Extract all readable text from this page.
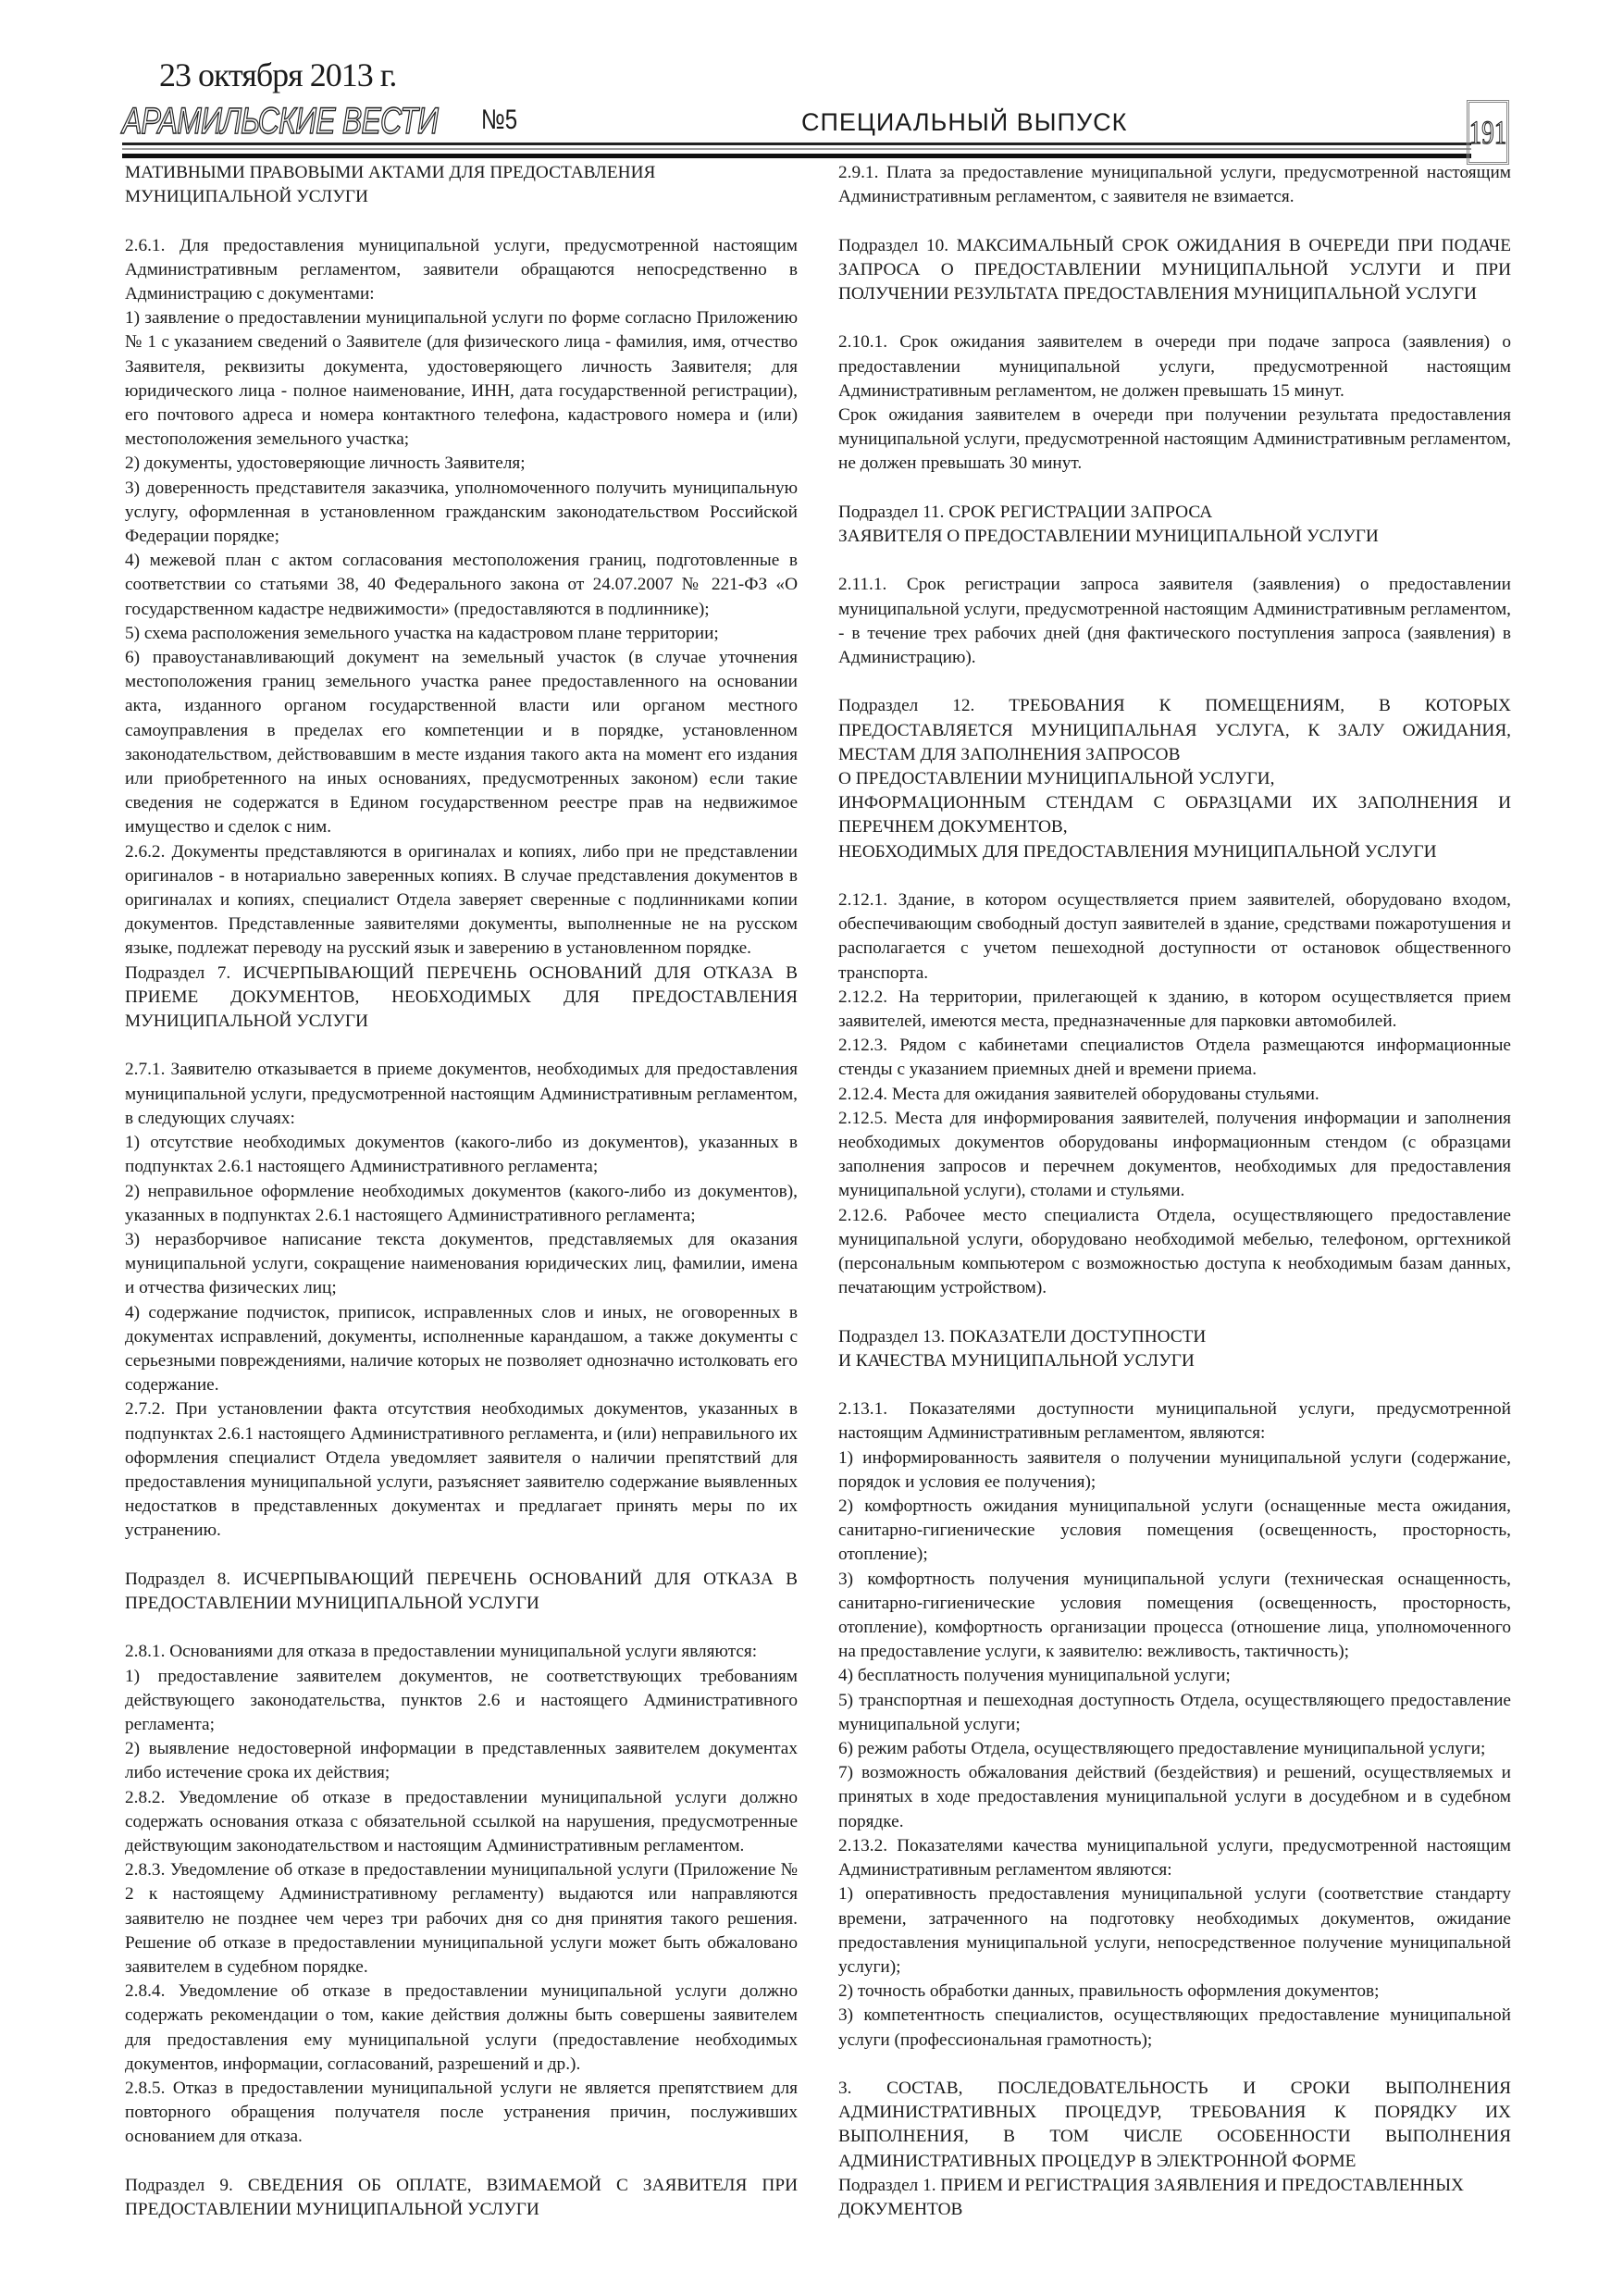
23 октября 2013 г.
АРАМИЛЬСКИЕ ВЕСТИ №5	СПЕЦИАЛЬНЫЙ ВЫПУСК	191

МАТИВНЫМИ ПРАВОВЫМИ АКТАМИ ДЛЯ ПРЕДОСТАВЛЕНИЯ МУНИЦИПАЛЬНОЙ УСЛУГИ

2.6.1. Для предоставления муниципальной услуги, предусмотренной настоящим Административным регламентом, заявители обращаются непосредственно в Администрацию с документами:

1) заявление о предоставлении муниципальной услуги по форме согласно Приложению № 1 с указанием сведений о Заявителе (для физического лица - фамилия, имя, отчество Заявителя, реквизиты документа, удостоверяющего личность Заявителя; для юридического лица - полное наименование, ИНН, дата государственной регистрации), его почтового адреса и номера контактного телефона, кадастрового номера и (или) местоположения земельного участка;

2) документы, удостоверяющие личность Заявителя;

3) доверенность представителя заказчика, уполномоченного получить муниципальную услугу, оформленная в установленном гражданским законодательством Российской Федерации порядке;

4) межевой план с актом согласования местоположения границ, подготовленные в соответствии со статьями 38, 40 Федерального закона от 24.07.2007 № 221-ФЗ «О государственном кадастре недвижимости» (предоставляются в подлиннике);

5) схема расположения земельного участка на кадастровом плане территории;

6) правоустанавливающий документ на земельный участок (в случае уточнения местоположения границ земельного участка ранее предоставленного на основании акта, изданного органом государственной власти или органом местного самоуправления в пределах его компетенции и в порядке, установленном законодательством, действовавшим в месте издания такого акта на момент его издания или приобретенного на иных основаниях, предусмотренных законом) если такие сведения не содержатся в Едином государственном реестре прав на недвижимое имущество и сделок с ним.

2.6.2. Документы представляются в оригиналах и копиях, либо при не представлении оригиналов - в нотариально заверенных копиях. В случае представления документов в оригиналах и копиях, специалист Отдела заверяет сверенные с подлинниками копии документов. Представленные заявителями документы, выполненные не на русском языке, подлежат переводу на русский язык и заверению в установленном порядке.

Подраздел 7. ИСЧЕРПЫВАЮЩИЙ ПЕРЕЧЕНЬ ОСНОВАНИЙ ДЛЯ ОТКАЗА В ПРИЕМЕ ДОКУМЕНТОВ, НЕОБХОДИМЫХ ДЛЯ ПРЕДОСТАВЛЕНИЯ МУНИЦИПАЛЬНОЙ УСЛУГИ

2.7.1. Заявителю отказывается в приеме документов, необходимых для предоставления муниципальной услуги, предусмотренной настоящим Административным регламентом, в следующих случаях:

1) отсутствие необходимых документов (какого-либо из документов), указанных в подпунктах 2.6.1 настоящего Административного регламента;

2) неправильное оформление необходимых документов (какого-либо из документов), указанных в подпунктах 2.6.1 настоящего Административного регламента;

3) неразборчивое написание текста документов, представляемых для оказания муниципальной услуги, сокращение наименования юридических лиц, фамилии, имена и отчества физических лиц;

4) содержание подчисток, приписок, исправленных слов и иных, не оговоренных в документах исправлений, документы, исполненные карандашом, а также документы с серьезными повреждениями, наличие которых не позволяет однозначно истолковать его содержание.

2.7.2. При установлении факта отсутствия необходимых документов, указанных в подпунктах 2.6.1 настоящего Административного регламента, и (или) неправильного их оформления специалист Отдела уведомляет заявителя о наличии препятствий для предоставления муниципальной услуги, разъясняет заявителю содержание выявленных недостатков в представленных документах и предлагает принять меры по их устранению.

Подраздел 8. ИСЧЕРПЫВАЮЩИЙ ПЕРЕЧЕНЬ ОСНОВАНИЙ ДЛЯ ОТКАЗА В ПРЕДОСТАВЛЕНИИ МУНИЦИПАЛЬНОЙ УСЛУГИ

2.8.1. Основаниями для отказа в предоставлении муниципальной услуги являются:

1) предоставление заявителем документов, не соответствующих требованиям действующего законодательства, пунктов 2.6 и настоящего Административного регламента;

2) выявление недостоверной информации в представленных заявителем документах либо истечение срока их действия;

2.8.2. Уведомление об отказе в предоставлении муниципальной услуги должно содержать основания отказа с обязательной ссылкой на нарушения, предусмотренные действующим законодательством и настоящим Административным регламентом.

2.8.3. Уведомление об отказе в предоставлении муниципальной услуги (Приложение № 2 к настоящему Административному регламенту) выдаются или направляются заявителю не позднее чем через три рабочих дня со дня принятия такого решения. Решение об отказе в предоставлении муниципальной услуги может быть обжаловано заявителем в судебном порядке.

2.8.4. Уведомление об отказе в предоставлении муниципальной услуги должно содержать рекомендации о том, какие действия должны быть совершены заявителем для предоставления ему муниципальной услуги (предоставление необходимых документов, информации, согласований, разрешений и др.).

2.8.5. Отказ в предоставлении муниципальной услуги не является препятствием для повторного обращения получателя после устранения причин, послуживших основанием для отказа.

Подраздел 9. СВЕДЕНИЯ ОБ ОПЛАТЕ, ВЗИМАЕМОЙ С ЗАЯВИТЕЛЯ ПРИ ПРЕДОСТАВЛЕНИИ МУНИЦИПАЛЬНОЙ УСЛУГИ

2.9.1. Плата за предоставление муниципальной услуги, предусмотренной настоящим Административным регламентом, с заявителя не взимается.

Подраздел 10. МАКСИМАЛЬНЫЙ СРОК ОЖИДАНИЯ В ОЧЕРЕДИ ПРИ ПОДАЧЕ ЗАПРОСА О ПРЕДОСТАВЛЕНИИ МУНИЦИПАЛЬНОЙ УСЛУГИ И ПРИ ПОЛУЧЕНИИ РЕЗУЛЬТАТА ПРЕДОСТАВЛЕНИЯ МУНИЦИПАЛЬНОЙ УСЛУГИ

2.10.1. Срок ожидания заявителем в очереди при подаче запроса (заявления) о предоставлении муниципальной услуги, предусмотренной настоящим Административным регламентом, не должен превышать 15 минут.

Срок ожидания заявителем в очереди при получении результата предоставления муниципальной услуги, предусмотренной настоящим Административным регламентом, не должен превышать 30 минут.

Подраздел 11. СРОК РЕГИСТРАЦИИ ЗАПРОСА

ЗАЯВИТЕЛЯ О ПРЕДОСТАВЛЕНИИ МУНИЦИПАЛЬНОЙ УСЛУГИ

2.11.1. Срок регистрации запроса заявителя (заявления) о предоставлении муниципальной услуги, предусмотренной настоящим Административным регламентом, - в течение трех рабочих дней (дня фактического поступления запроса (заявления) в Администрацию).

Подраздел 12. ТРЕБОВАНИЯ К ПОМЕЩЕНИЯМ, В КОТОРЫХ ПРЕДОСТАВЛЯЕТСЯ МУНИЦИПАЛЬНАЯ УСЛУГА, К ЗАЛУ ОЖИДАНИЯ, МЕСТАМ ДЛЯ ЗАПОЛНЕНИЯ ЗАПРОСОВ

О ПРЕДОСТАВЛЕНИИ МУНИЦИПАЛЬНОЙ УСЛУГИ,

ИНФОРМАЦИОННЫМ СТЕНДАМ С ОБРАЗЦАМИ ИХ ЗАПОЛНЕНИЯ И ПЕРЕЧНЕМ ДОКУМЕНТОВ,

НЕОБХОДИМЫХ ДЛЯ ПРЕДОСТАВЛЕНИЯ МУНИЦИПАЛЬНОЙ УСЛУГИ

2.12.1. Здание, в котором осуществляется прием заявителей, оборудовано входом, обеспечивающим свободный доступ заявителей в здание, средствами пожаротушения и располагается с учетом пешеходной доступности от остановок общественного транспорта.

2.12.2. На территории, прилегающей к зданию, в котором осуществляется прием заявителей, имеются места, предназначенные для парковки автомобилей.

2.12.3. Рядом с кабинетами специалистов Отдела размещаются информационные стенды с указанием приемных дней и времени приема.

2.12.4. Места для ожидания заявителей оборудованы стульями.

2.12.5. Места для информирования заявителей, получения информации и заполнения необходимых документов оборудованы информационным стендом (с образцами заполнения запросов и перечнем документов, необходимых для предоставления муниципальной услуги), столами и стульями.

2.12.6. Рабочее место специалиста Отдела, осуществляющего предоставление муниципальной услуги, оборудовано необходимой мебелью, телефоном, оргтехникой (персональным компьютером с возможностью доступа к необходимым базам данных, печатающим устройством).

Подраздел 13. ПОКАЗАТЕЛИ ДОСТУПНОСТИ

И КАЧЕСТВА МУНИЦИПАЛЬНОЙ УСЛУГИ

2.13.1. Показателями доступности муниципальной услуги, предусмотренной настоящим Административным регламентом, являются:

1) информированность заявителя о получении муниципальной услуги (содержание, порядок и условия ее получения);

2) комфортность ожидания муниципальной услуги (оснащенные места ожидания, санитарно-гигиенические условия помещения (освещенность, просторность, отопление);

3) комфортность получения муниципальной услуги (техническая оснащенность, санитарно-гигиенические условия помещения (освещенность, просторность, отопление), комфортность организации процесса (отношение лица, уполномоченного на предоставление услуги, к заявителю: вежливость, тактичность);

4) бесплатность получения муниципальной услуги;

5) транспортная и пешеходная доступность Отдела, осуществляющего предоставление муниципальной услуги;

6) режим работы Отдела, осуществляющего предоставление муниципальной услуги;

7) возможность обжалования действий (бездействия) и решений, осуществляемых и принятых в ходе предоставления муниципальной услуги в досудебном и в судебном порядке.

2.13.2. Показателями качества муниципальной услуги, предусмотренной настоящим Административным регламентом являются:

1) оперативность предоставления муниципальной услуги (соответствие стандарту времени, затраченного на подготовку необходимых документов, ожидание предоставления муниципальной услуги, непосредственное получение муниципальной услуги);

2) точность обработки данных, правильность оформления документов;

3) компетентность специалистов, осуществляющих предоставление муниципальной услуги (профессиональная грамотность);

3. СОСТАВ, ПОСЛЕДОВАТЕЛЬНОСТЬ И СРОКИ ВЫПОЛНЕНИЯ АДМИНИСТРАТИВНЫХ ПРОЦЕДУР, ТРЕБОВАНИЯ К ПОРЯДКУ ИХ ВЫПОЛНЕНИЯ, В ТОМ ЧИСЛЕ ОСОБЕННОСТИ ВЫПОЛНЕНИЯ АДМИНИСТРАТИВНЫХ ПРОЦЕДУР В ЭЛЕКТРОННОЙ ФОРМЕ

Подраздел 1. ПРИЕМ И РЕГИСТРАЦИЯ ЗАЯВЛЕНИЯ И ПРЕДОСТАВЛЕННЫХ ДОКУМЕНТОВ
